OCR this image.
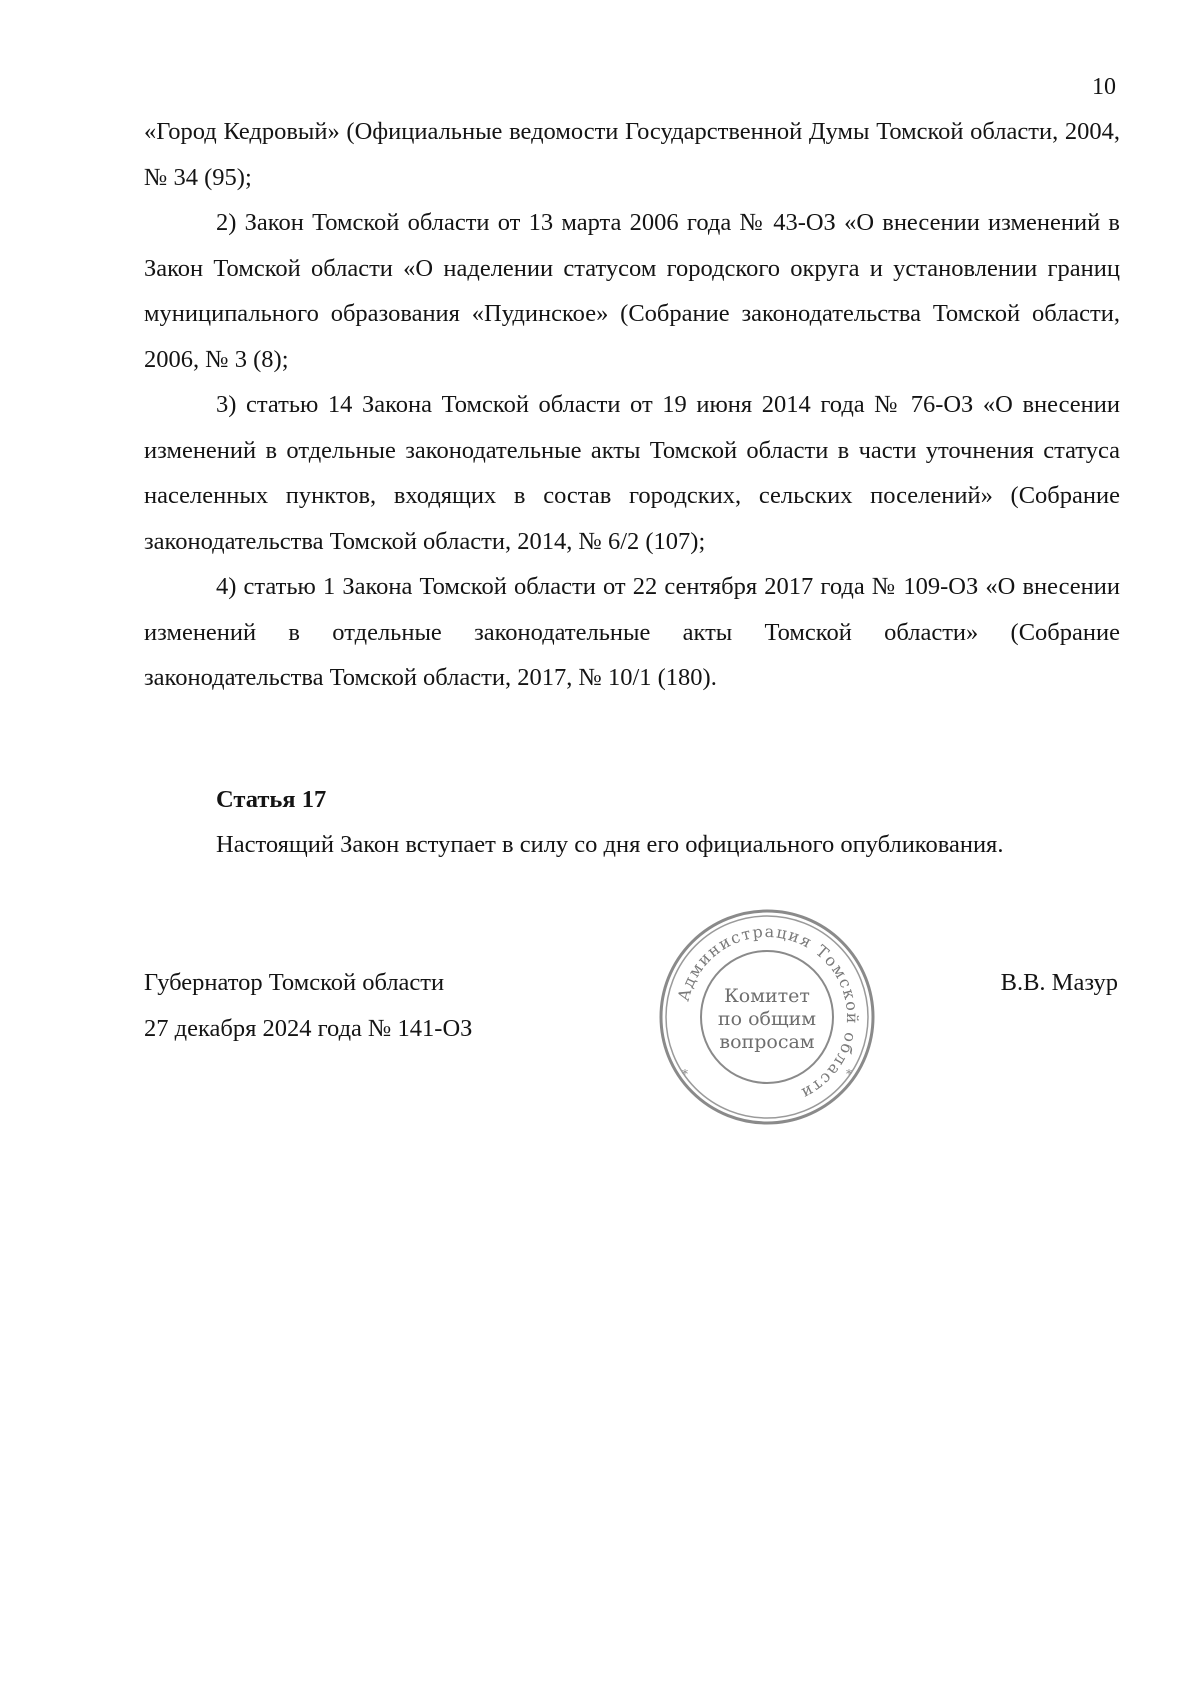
10

«Город Кедровый» (Официальные ведомости Государственной Думы Томской области, 2004, № 34 (95);

2) Закон Томской области от 13 марта 2006 года № 43-ОЗ «О внесении изменений в Закон Томской области «О наделении статусом городского округа и установлении границ муниципального образования «Пудинское» (Собрание законодательства Томской области, 2006, № 3 (8);

3) статью 14 Закона Томской области от 19 июня 2014 года № 76-ОЗ «О внесении изменений в отдельные законодательные акты Томской области в части уточнения статуса населенных пунктов, входящих в состав городских, сельских поселений» (Собрание законодательства Томской области, 2014, № 6/2 (107);

4) статью 1 Закона Томской области от 22 сентября 2017 года № 109-ОЗ «О внесении изменений в отдельные законодательные акты Томской области» (Собрание законодательства Томской области, 2017, № 10/1 (180).

Статья 17
Настоящий Закон вступает в силу со дня его официального опубликования.
Губернатор Томской области
27 декабря 2024 года № 141-ОЗ
В.В. Мазур
Администрация Томской области
*	*
Комитет
по общим
вопросам
